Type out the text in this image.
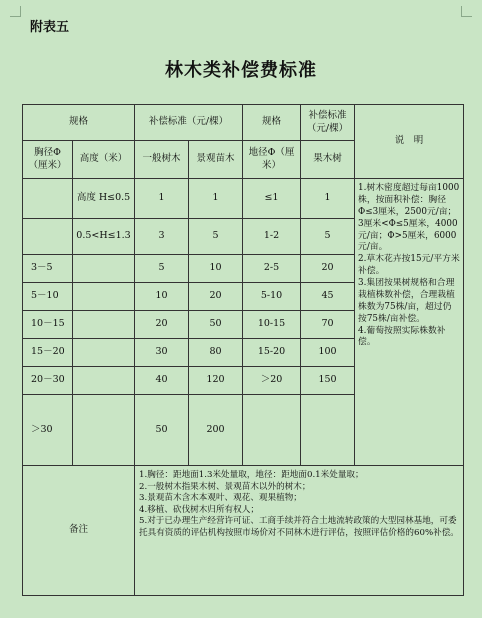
附表五
林木类补偿费标准
规格		补偿标准（元/棵）		规格	补偿标准（元/棵）	说　明
胸径Φ（厘米）	高度（米）	一般树木	景观苗木	地径Φ（厘米）	果木树	
	高度 H≤0.5	1	1	≤1	1	1.树木密度超过每亩1000株，按面积补偿：胸径Φ≤3厘米，2500元/亩；3厘米<Φ≤5厘米，4000元/亩；Φ>5厘米，6000元/亩。

2.草木花卉按15元/平方米补偿。

3.集团按果树规格和合理栽植株数补偿，合理栽植株数为75株/亩，超过仍按75株/亩补偿。

4.葡萄按照实际株数补偿。

	0.5<H≤1.3	3	5	1-2	5	
3－5		5	10	2-5	20	
5－10		10	20	5-10	45	
10－15		20	50	10-15	70	
15－20		30	80	15-20	100	
20－30		40	120	＞20	150	
＞30		50	200			
备注		1.胸径：距地面1.3米处量取，地径：距地面0.1米处量取；

2.一般树木指果木树、景观苗木以外的树木；

3.景观苗木含木本观叶、观花、观果植物；

4.移植、砍伐树木归所有权人；

5.对于已办理生产经营许可证、工商手续并符合土地流转政策的大型园林基地，可委托具有资质的评估机构按照市场价对不同林木进行评估，按照评估价格的60%补偿。				
